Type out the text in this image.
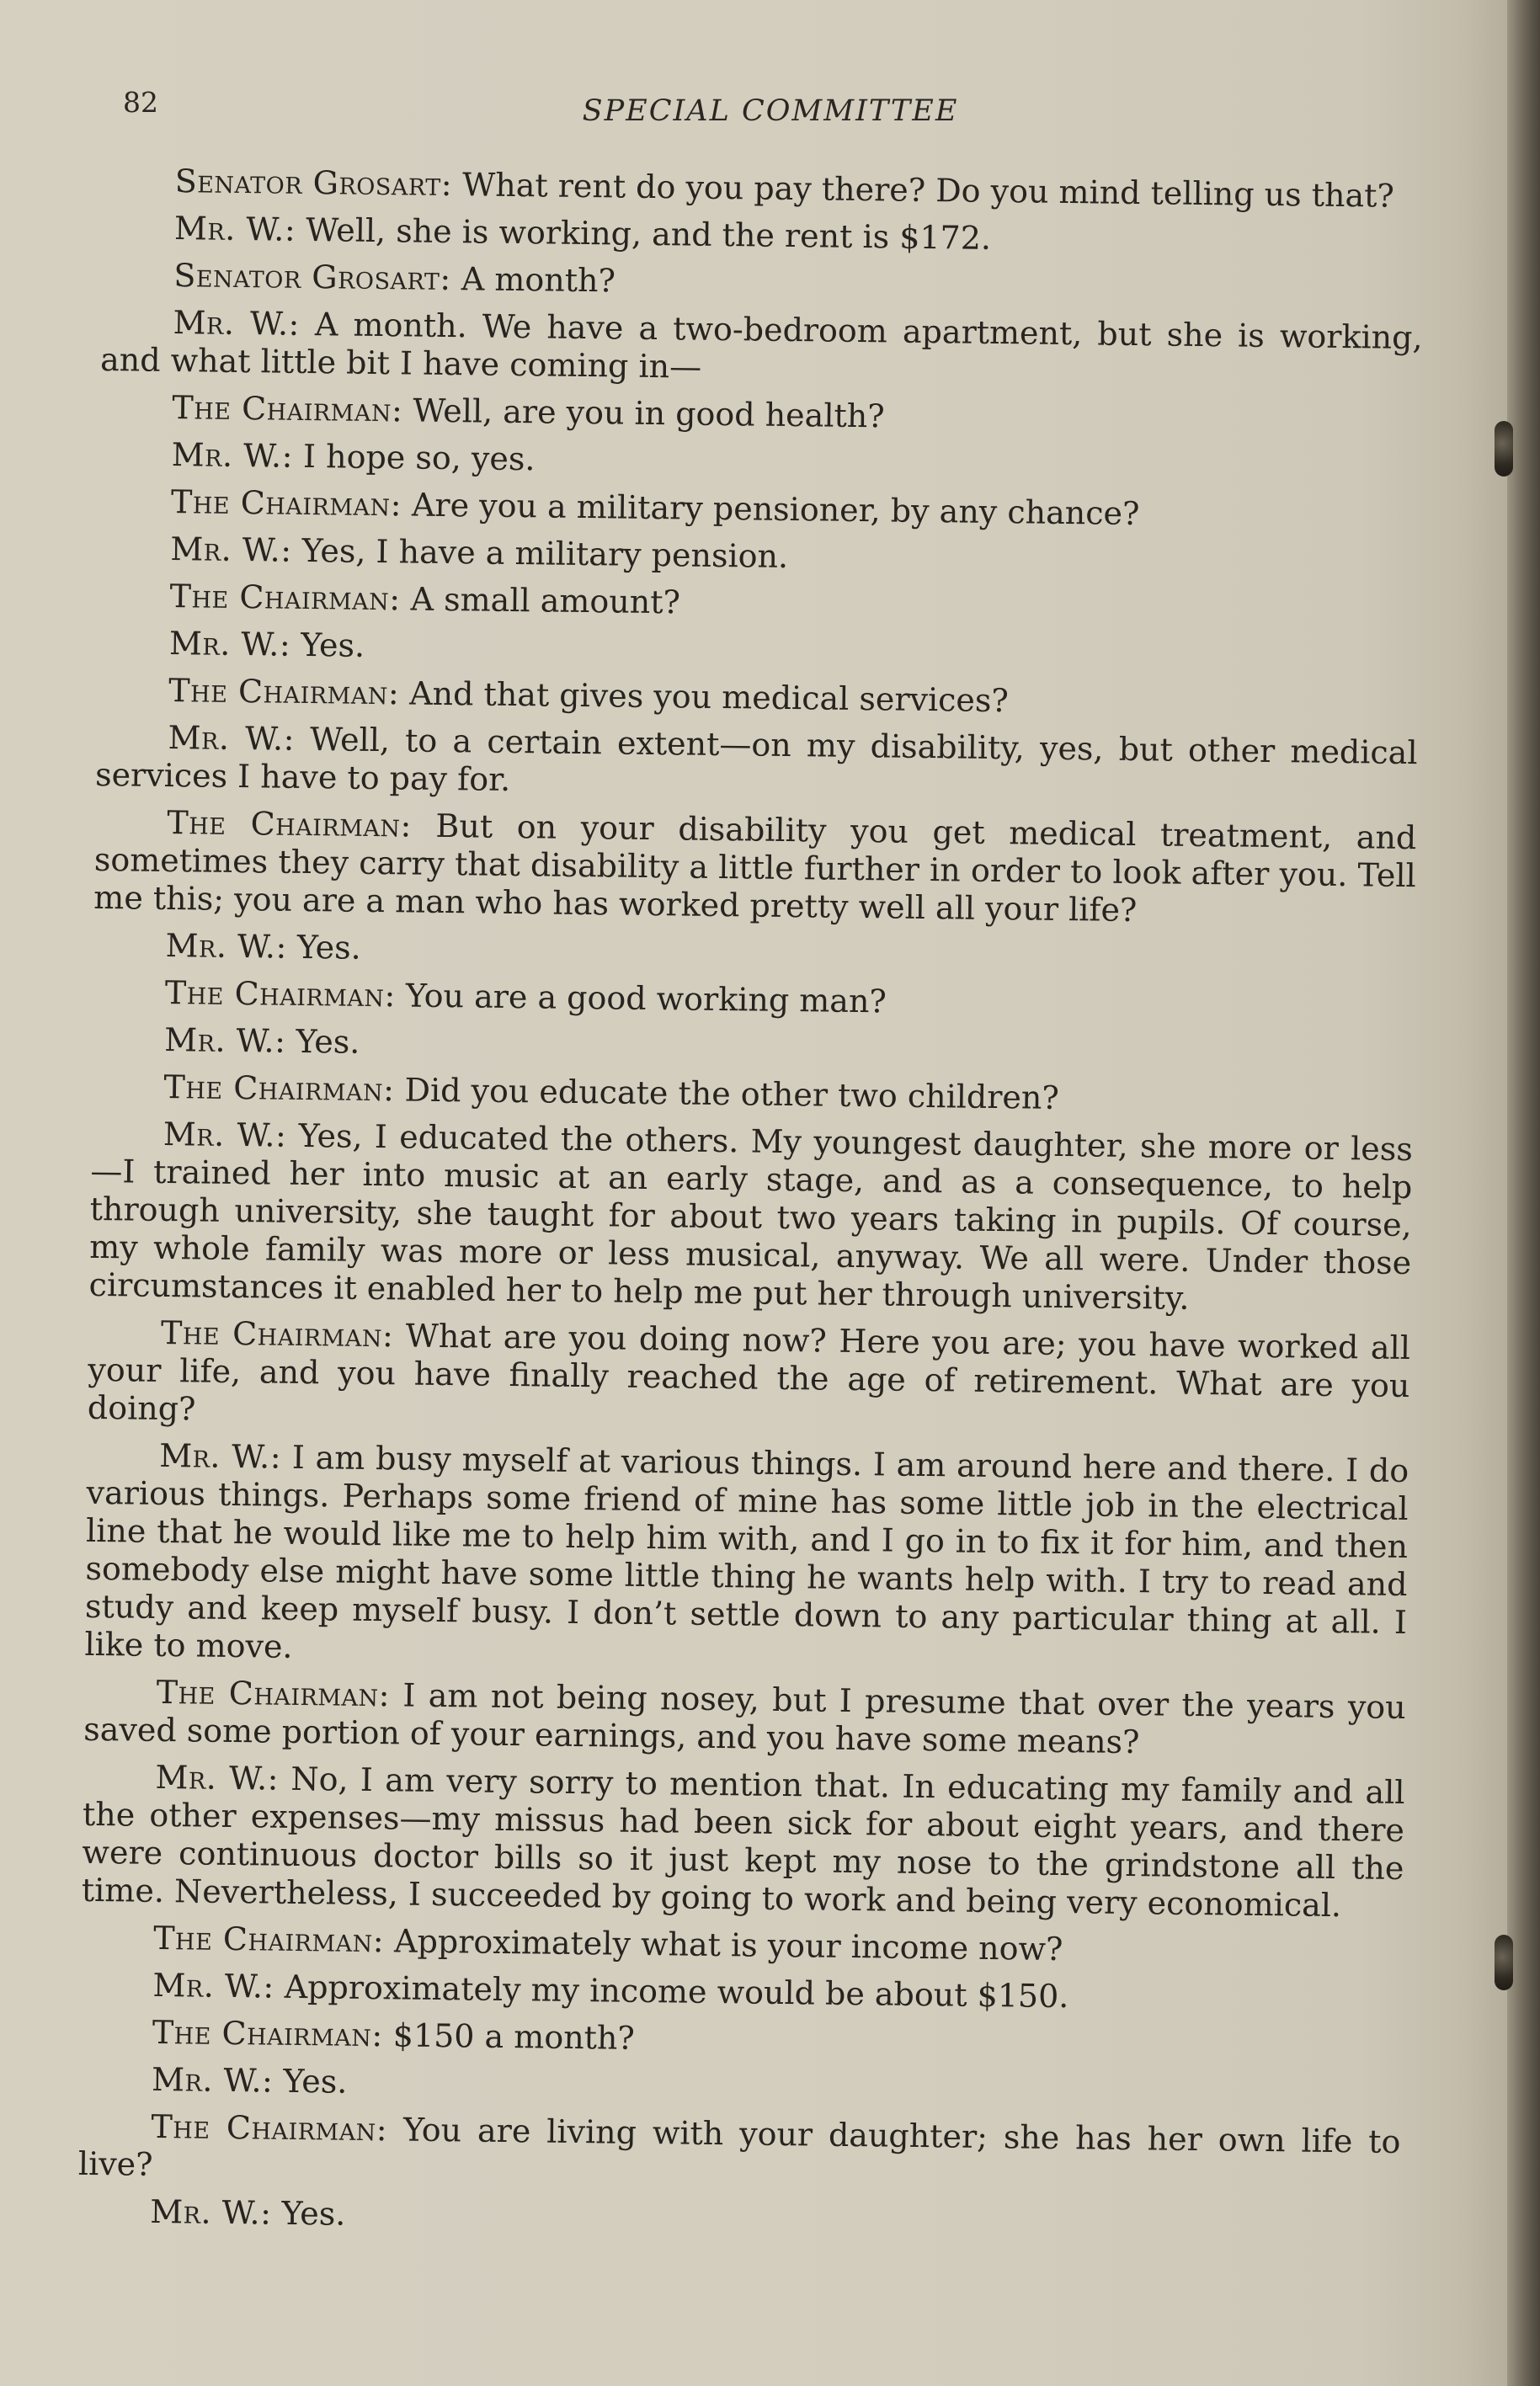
82	SPECIAL COMMITTEE

Senator Grosart: What rent do you pay there? Do you mind telling us that?

Mr. W.: Well, she is working, and the rent is $172.

Senator Grosart: A month?

Mr. W.: A month. We have a two-bedroom apartment, but she is working, and what little bit I have coming in—

The Chairman: Well, are you in good health?

Mr. W.: I hope so, yes.

The Chairman: Are you a military pensioner, by any chance?

Mr. W.: Yes, I have a military pension.

The Chairman: A small amount?

Mr. W.: Yes.

The Chairman: And that gives you medical services?

Mr. W.: Well, to a certain extent—on my disability, yes, but other medical services I have to pay for.

The Chairman: But on your disability you get medical treatment, and sometimes they carry that disability a little further in order to look after you. Tell me this; you are a man who has worked pretty well all your life?

Mr. W.: Yes.

The Chairman: You are a good working man?

Mr. W.: Yes.

The Chairman: Did you educate the other two children?

Mr. W.: Yes, I educated the others. My youngest daughter, she more or less—I trained her into music at an early stage, and as a consequence, to help through university, she taught for about two years taking in pupils. Of course, my whole family was more or less musical, anyway. We all were. Under those circumstances it enabled her to help me put her through university.

The Chairman: What are you doing now? Here you are; you have worked all your life, and you have finally reached the age of retirement. What are you doing?

Mr. W.: I am busy myself at various things. I am around here and there. I do various things. Perhaps some friend of mine has some little job in the electrical line that he would like me to help him with, and I go in to fix it for him, and then somebody else might have some little thing he wants help with. I try to read and study and keep myself busy. I don’t settle down to any particular thing at all. I like to move.

The Chairman: I am not being nosey, but I presume that over the years you saved some portion of your earnings, and you have some means?

Mr. W.: No, I am very sorry to mention that. In educating my family and all the other expenses—my missus had been sick for about eight years, and there were continuous doctor bills so it just kept my nose to the grindstone all the time. Nevertheless, I succeeded by going to work and being very economical.

The Chairman: Approximately what is your income now?

Mr. W.: Approximately my income would be about $150.

The Chairman: $150 a month?

Mr. W.: Yes.

The Chairman: You are living with your daughter; she has her own life to live?

Mr. W.: Yes.
